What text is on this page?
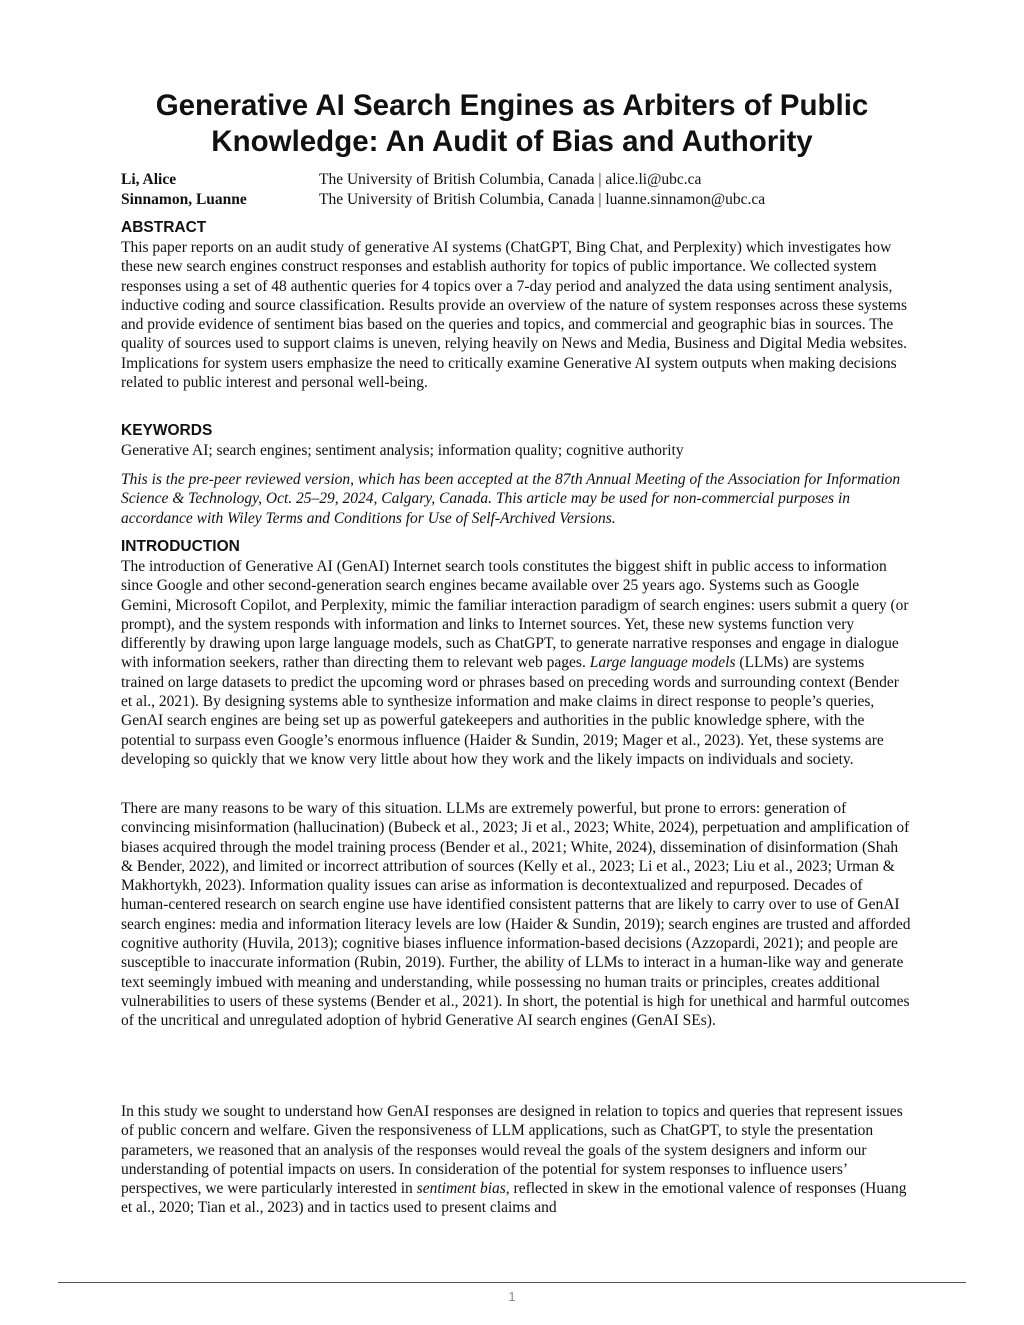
Generative AI Search Engines as Arbiters of Public
Knowledge: An Audit of Bias and Authority
Li, Alice	The University of British Columbia, Canada | alice.li@ubc.ca
Sinnamon, Luanne	The University of British Columbia, Canada | luanne.sinnamon@ubc.ca
ABSTRACT

This paper reports on an audit study of generative AI systems (ChatGPT, Bing Chat, and Perplexity) which investigates how these new search engines construct responses and establish authority for topics of public importance. We collected system responses using a set of 48 authentic queries for 4 topics over a 7-day period and analyzed the data using sentiment analysis, inductive coding and source classification. Results provide an overview of the nature of system responses across these systems and provide evidence of sentiment bias based on the queries and topics, and commercial and geographic bias in sources. The quality of sources used to support claims is uneven, relying heavily on News and Media, Business and Digital Media websites. Implications for system users emphasize the need to critically examine Generative AI system outputs when making decisions related to public interest and personal well-being.

KEYWORDS

Generative AI; search engines; sentiment analysis; information quality; cognitive authority

This is the pre-peer reviewed version, which has been accepted at the 87th Annual Meeting of the Association for Information Science & Technology, Oct. 25–29, 2024, Calgary, Canada. This article may be used for non-commercial purposes in accordance with Wiley Terms and Conditions for Use of Self-Archived Versions.

INTRODUCTION

The introduction of Generative AI (GenAI) Internet search tools constitutes the biggest shift in public access to information since Google and other second-generation search engines became available over 25 years ago. Systems such as Google Gemini, Microsoft Copilot, and Perplexity, mimic the familiar interaction paradigm of search engines: users submit a query (or prompt), and the system responds with information and links to Internet sources. Yet, these new systems function very differently by drawing upon large language models, such as ChatGPT, to generate narrative responses and engage in dialogue with information seekers, rather than directing them to relevant web pages. Large language models (LLMs) are systems trained on large datasets to predict the upcoming word or phrases based on preceding words and surrounding context (Bender et al., 2021). By designing systems able to synthesize information and make claims in direct response to people’s queries, GenAI search engines are being set up as powerful gatekeepers and authorities in the public knowledge sphere, with the potential to surpass even Google’s enormous influence (Haider & Sundin, 2019; Mager et al., 2023). Yet, these systems are developing so quickly that we know very little about how they work and the likely impacts on individuals and society.

There are many reasons to be wary of this situation. LLMs are extremely powerful, but prone to errors: generation of convincing misinformation (hallucination) (Bubeck et al., 2023; Ji et al., 2023; White, 2024), perpetuation and amplification of biases acquired through the model training process (Bender et al., 2021; White, 2024), dissemination of disinformation (Shah & Bender, 2022), and limited or incorrect attribution of sources (Kelly et al., 2023; Li et al., 2023; Liu et al., 2023; Urman & Makhortykh, 2023). Information quality issues can arise as information is decontextualized and repurposed. Decades of human-centered research on search engine use have identified consistent patterns that are likely to carry over to use of GenAI search engines: media and information literacy levels are low (Haider & Sundin, 2019); search engines are trusted and afforded cognitive authority (Huvila, 2013); cognitive biases influence information-based decisions (Azzopardi, 2021); and people are susceptible to inaccurate information (Rubin, 2019). Further, the ability of LLMs to interact in a human-like way and generate text seemingly imbued with meaning and understanding, while possessing no human traits or principles, creates additional vulnerabilities to users of these systems (Bender et al., 2021). In short, the potential is high for unethical and harmful outcomes of the uncritical and unregulated adoption of hybrid Generative AI search engines (GenAI SEs).

In this study we sought to understand how GenAI responses are designed in relation to topics and queries that represent issues of public concern and welfare. Given the responsiveness of LLM applications, such as ChatGPT, to style the presentation parameters, we reasoned that an analysis of the responses would reveal the goals of the system designers and inform our understanding of potential impacts on users. In consideration of the potential for system responses to influence users’ perspectives, we were particularly interested in sentiment bias, reflected in skew in the emotional valence of responses (Huang et al., 2020; Tian et al., 2023) and in tactics used to present claims and

1
